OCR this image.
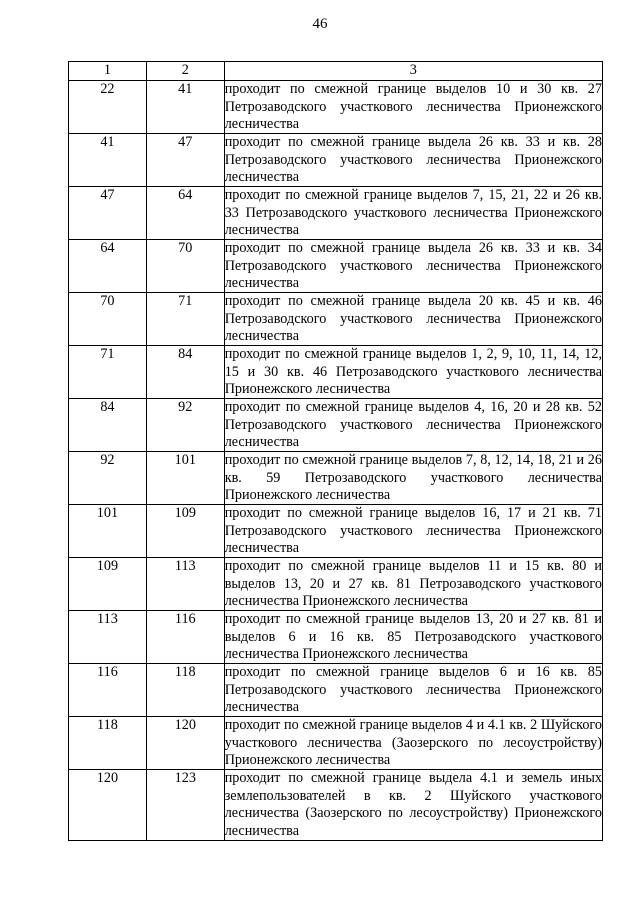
46
1	2	3
22	41	проходит по смежной границе выделов 10 и 30 кв. 27 Петрозаводского участкового лесничества Прионежского лесничества

41	47	проходит по смежной границе выдела 26 кв. 33 и кв. 28 Петрозаводского участкового лесничества Прионежского лесничества

47	64	проходит по смежной границе выделов 7, 15, 21, 22 и 26 кв. 33 Петрозаводского участкового лесничества Прионежского лесничества

64	70	проходит по смежной границе выдела 26 кв. 33 и кв. 34 Петрозаводского участкового лесничества Прионежского лесничества

70	71	проходит по смежной границе выдела 20 кв. 45 и кв. 46 Петрозаводского участкового лесничества Прионежского лесничества

71	84	проходит по смежной границе выделов 1, 2, 9, 10, 11, 14, 12, 15 и 30 кв. 46 Петрозаводского участкового лесничества Прионежского лесничества

84	92	проходит по смежной границе выделов 4, 16, 20 и 28 кв. 52 Петрозаводского участкового лесничества Прионежского лесничества

92	101	проходит по смежной границе выделов 7, 8, 12, 14, 18, 21 и 26 кв. 59 Петрозаводского участкового лесничества Прионежского лесничества

101	109	проходит по смежной границе выделов 16, 17 и 21 кв. 71 Петрозаводского участкового лесничества Прионежского лесничества

109	113	проходит по смежной границе выделов 11 и 15 кв. 80 и выделов 13, 20 и 27 кв. 81 Петрозаводского участкового лесничества Прионежского лесничества

113	116	проходит по смежной границе выделов 13, 20 и 27 кв. 81 и выделов 6 и 16 кв. 85 Петрозаводского участкового лесничества Прионежского лесничества

116	118	проходит по смежной границе выделов 6 и 16 кв. 85 Петрозаводского участкового лесничества Прионежского лесничества

118	120	проходит по смежной границе выделов 4 и 4.1 кв. 2 Шуйского участкового лесничества (Заозерского по лесоустройству) Прионежского лесничества

120	123	проходит по смежной границе выдела 4.1 и земель иных землепользователей в кв. 2 Шуйского участкового лесничества (Заозерского по лесоустройству) Прионежского лесничества
